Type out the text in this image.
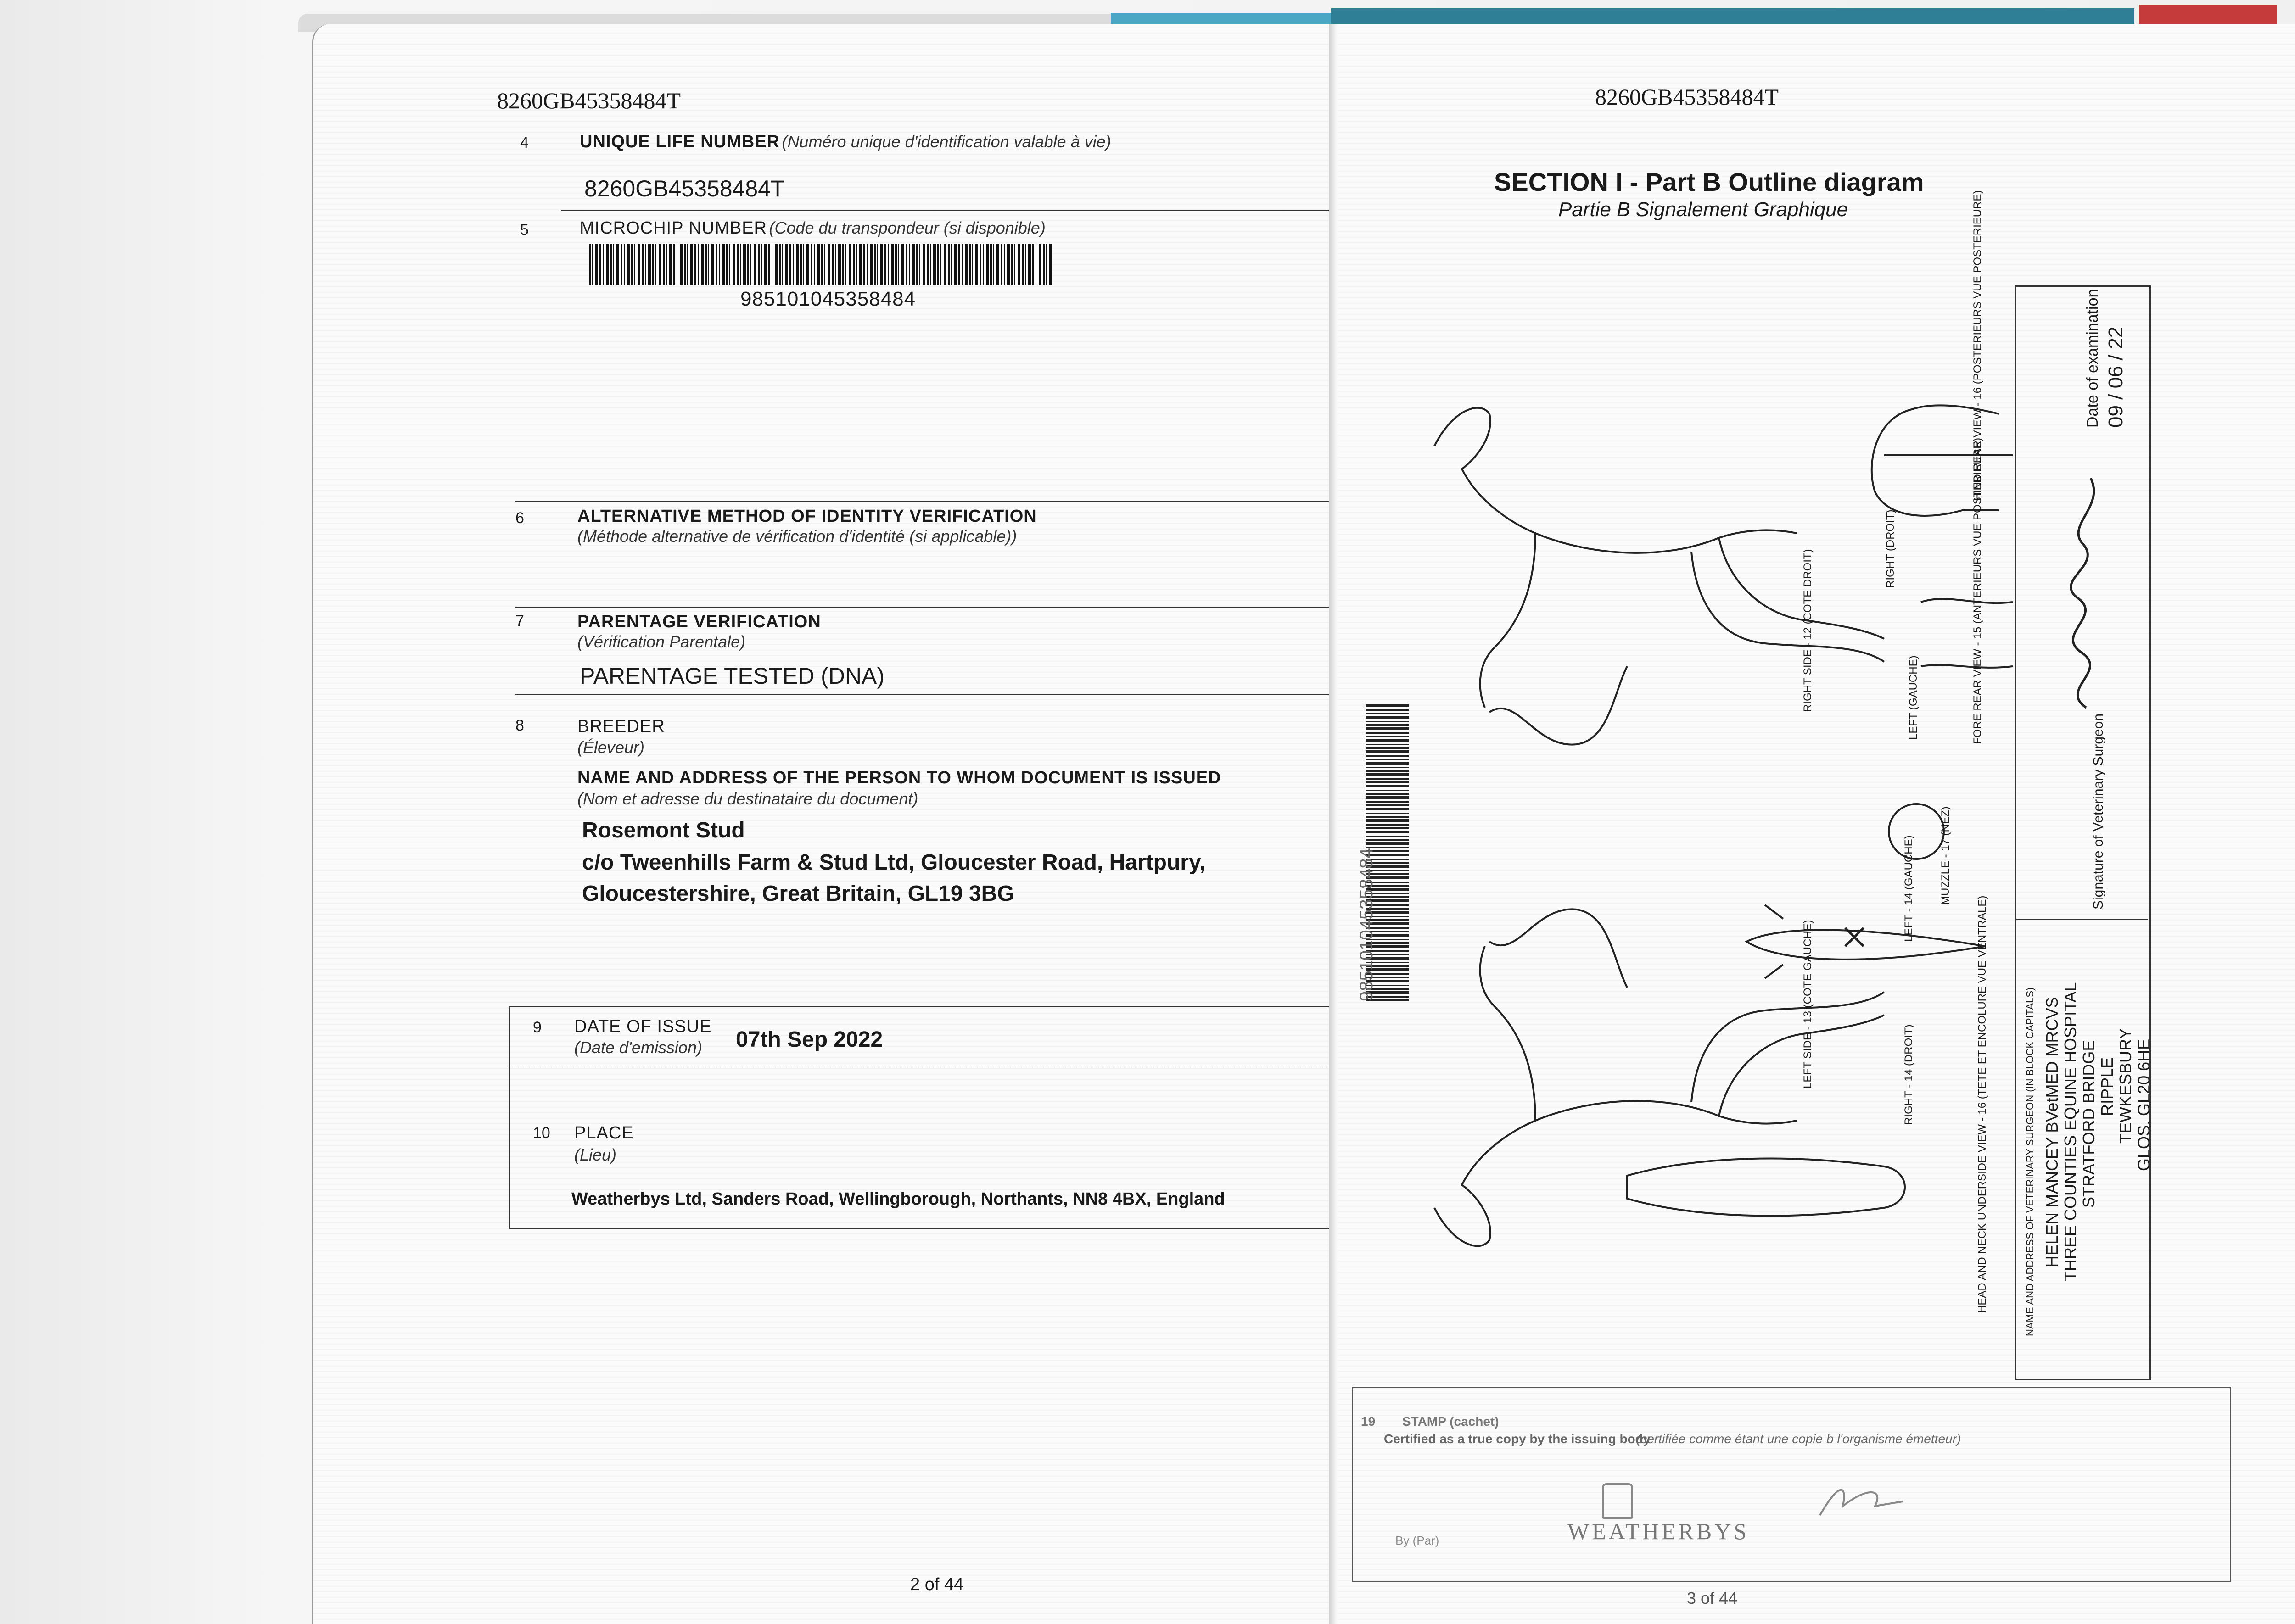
8260GB45358484T
4	UNIQUE LIFE NUMBER (Numéro unique d'identification valable à vie)
8260GB45358484T
5	MICROCHIP NUMBER (Code du transpondeur (si disponible)
985101045358484
6	ALTERNATIVE METHOD OF IDENTITY VERIFICATION
(Méthode alternative de vérification d'identité (si applicable))
7	PARENTAGE VERIFICATION
(Vérification Parentale)
PARENTAGE TESTED (DNA)
8	BREEDER
(Éleveur)
NAME AND ADDRESS OF THE PERSON TO WHOM DOCUMENT IS ISSUED
(Nom et adresse du destinataire du document)
Rosemont Stud
c/o Tweenhills Farm & Stud Ltd, Gloucester Road, Hartpury,
Gloucestershire, Great Britain, GL19 3BG
9 DATE OF ISSUE
(Date d'emission) 07th Sep 2022
10 PLACE
(Lieu)
Weatherbys Ltd, Sanders Road, Wellingborough, Northants, NN8 4BX, England
2 of 44
8260GB45358484T
SECTION I - Part B Outline diagram
Partie B Signalement Graphique
985101045358484
RIGHT SIDE - 12 (COTE DROIT)
LEFT SIDE - 13 (COTE GAUCHE)
HIND REAR VIEW - 16 (POSTERIEURS VUE POSTERIEURE)
FORE REAR VIEW - 15 (ANTERIEURS VUE POSTERIEURE)
MUZZLE - 17 (NEZ)
HEAD AND NECK UNDERSIDE VIEW - 16 (TETE ET ENCOLURE VUE VENTRALE)
RIGHT (DROIT)
LEFT (GAUCHE)
LEFT - 14 (GAUCHE)
RIGHT - 14 (DROIT)
Date of examination 09 / 06 / 22
Signature of Veterinary Surgeon
NAME AND ADDRESS OF VETERINARY SURGEON (IN BLOCK CAPITALS) HELEN MANCEY BVetMED MRCVS THREE COUNTIES EQUINE HOSPITAL STRATFORD BRIDGE RIPPLE TEWKESBURY GLOS. GL20 6HE
19 STAMP (cachet)
Certified as a true copy by the issuing body
(certifiée comme étant une copie b l'organisme émetteur)
By (Par)	WEATHERBYS
3 of 44
